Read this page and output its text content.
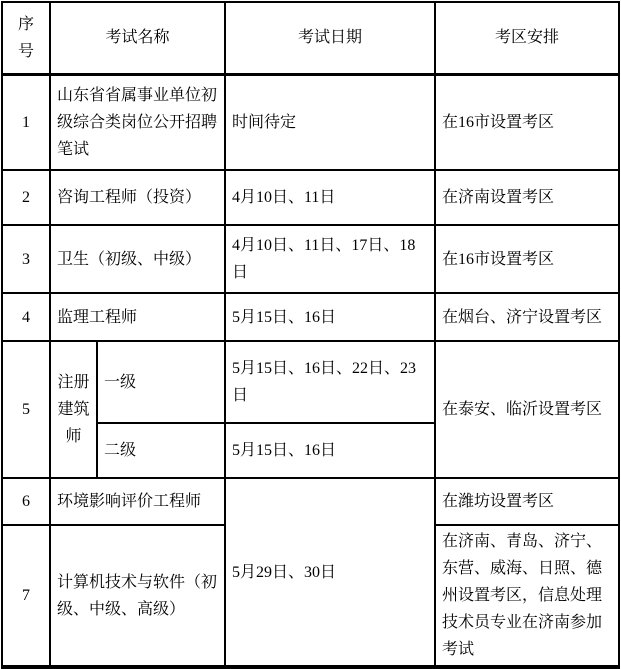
序号	考试名称		考试日期	考区安排
1	山东省省属事业单位初级综合类岗位公开招聘笔试		时间待定	在16市设置考区
2	咨询工程师（投资）		4月10日、11日	在济南设置考区
3	卫生（初级、中级）		4月10日、11日、17日、18日	在16市设置考区
4	监理工程师		5月15日、16日	在烟台、济宁设置考区
5	注册建筑师	一级	5月15日、16日、22日、23日	在泰安、临沂设置考区
		二级	5月15日、16日	
6	环境影响评价工程师		5月29日、30日	在潍坊设置考区
7	计算机技术与软件（初级、中级、高级）			在济南、青岛、济宁、东营、威海、日照、德州设置考区，信息处理技术员专业在济南参加考试
